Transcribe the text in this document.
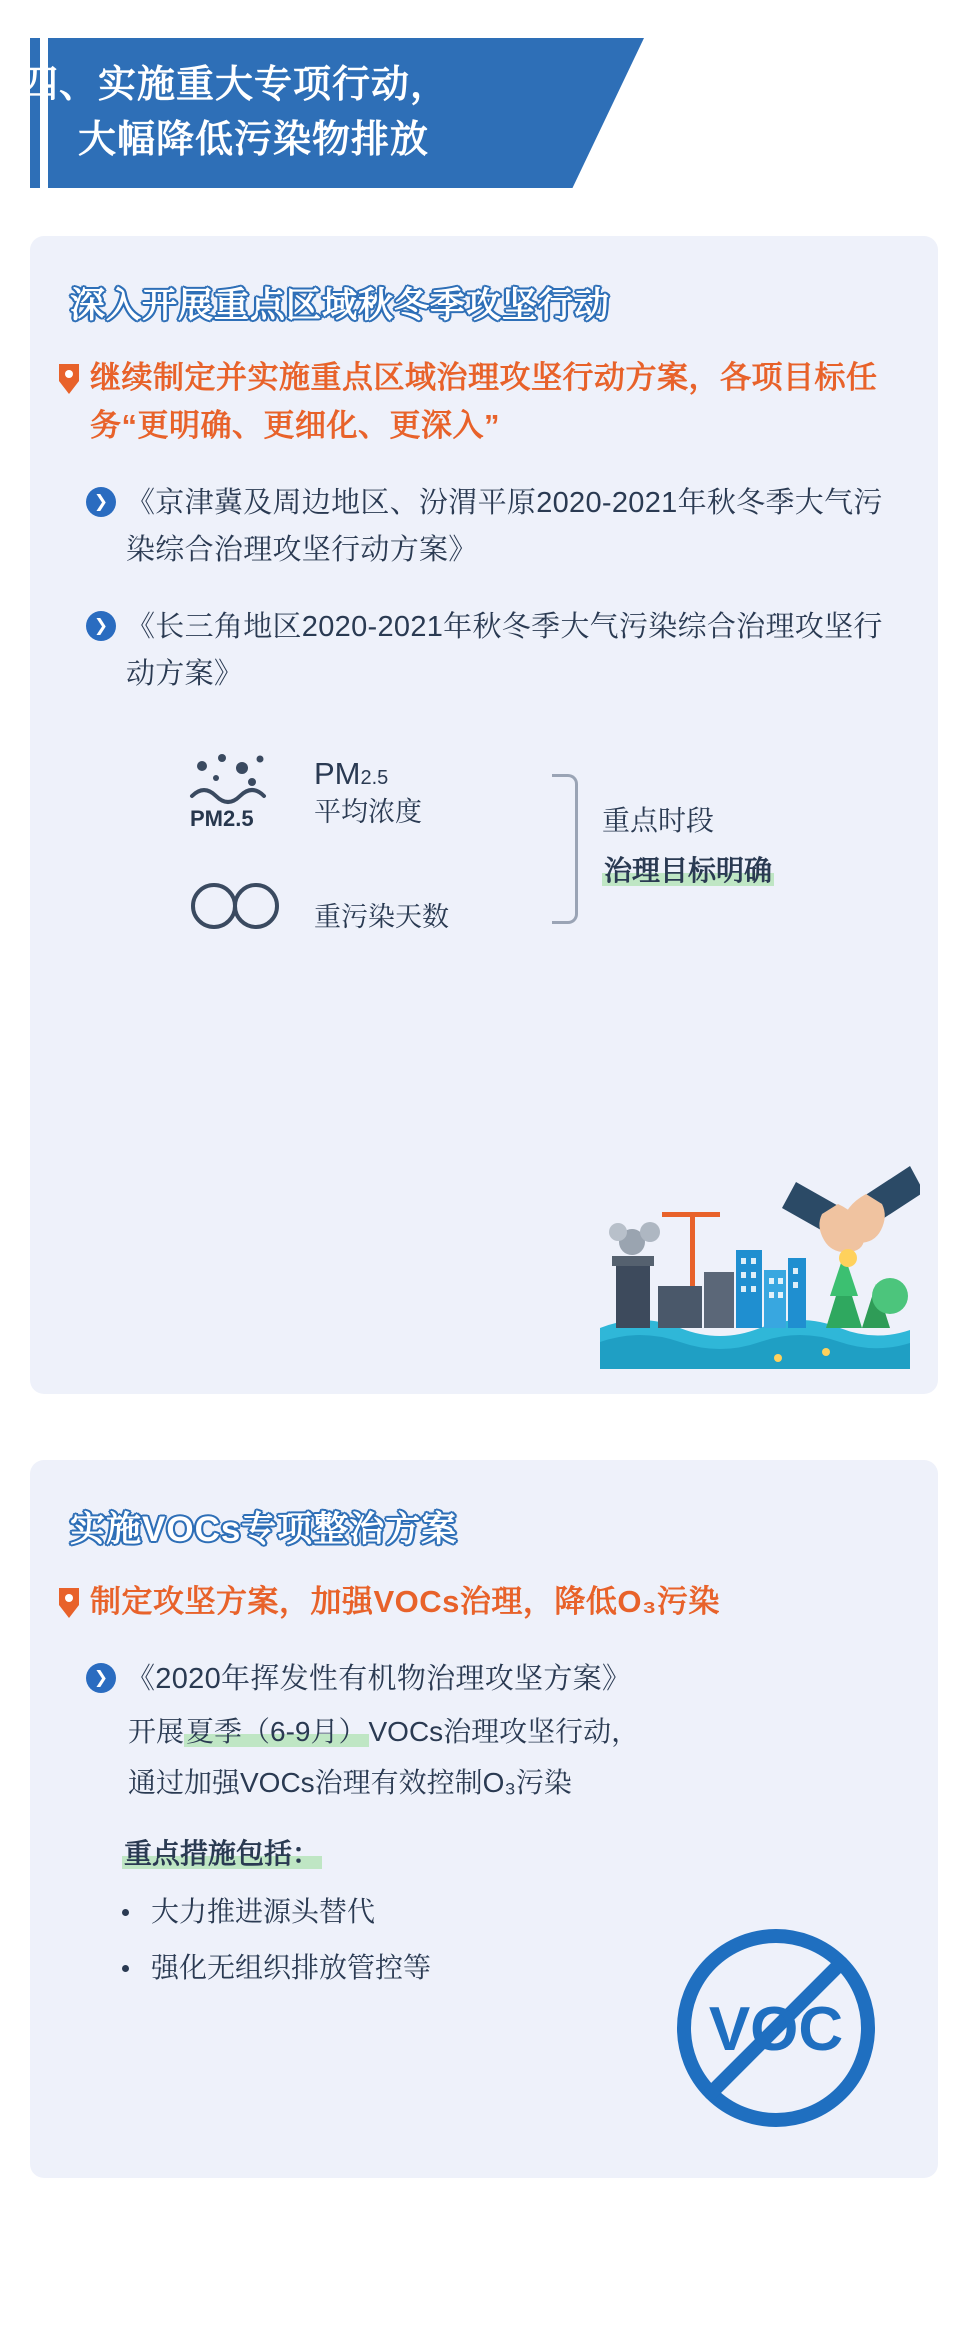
四、实施重大专项行动，
大幅降低污染物排放
深入开展重点区域秋冬季攻坚行动
继续制定并实施重点区域治理攻坚行动方案，各项目标任务“更明确、更细化、更深入”
❯ 《京津冀及周边地区、汾渭平原2020-2021年秋冬季大气污染综合治理攻坚行动方案》
❯ 《长三角地区2020-2021年秋冬季大气污染综合治理攻坚行动方案》
PM2.5
PM2.5
平均浓度
重污染天数
重点时段
治理目标明确
实施VOCs专项整治方案
制定攻坚方案，加强VOCs治理，降低O₃污染
❯ 《2020年挥发性有机物治理攻坚方案》
开展夏季（6-9月）VOCs治理攻坚行动，
通过加强VOCs治理有效控制O₃污染
重点措施包括：
大力推进源头替代
强化无组织排放管控等
VOC
